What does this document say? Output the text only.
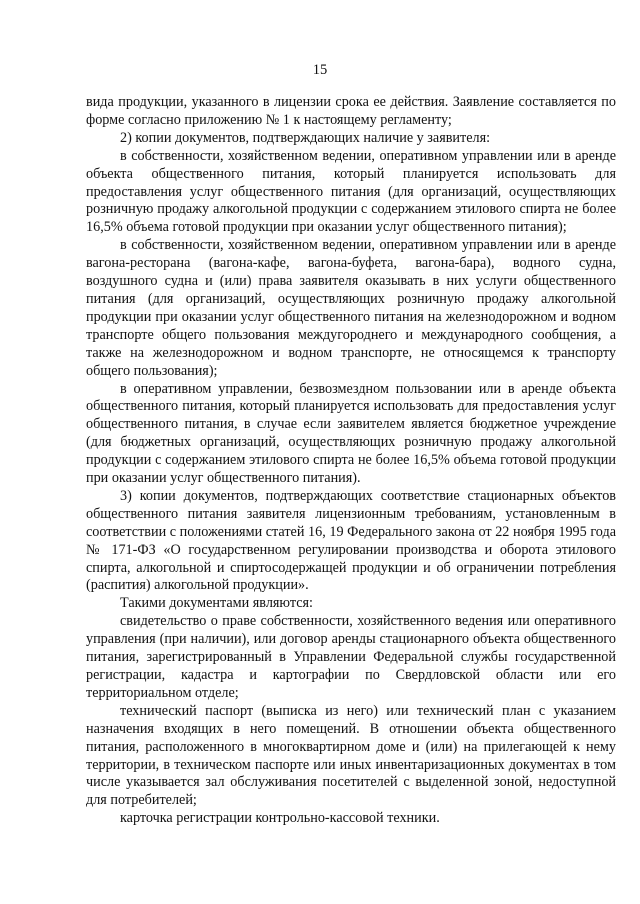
15

вида продукции, указанного в лицензии срока ее действия. Заявление составляется по форме согласно приложению № 1 к настоящему регламенту;

2) копии документов, подтверждающих наличие у заявителя:

в собственности, хозяйственном ведении, оперативном управлении или в аренде объекта общественного питания, который планируется использовать для предоставления услуг общественного питания (для организаций, осуществляющих розничную продажу алкогольной продукции с содержанием этилового спирта не более 16,5% объема готовой продукции при оказании услуг общественного питания);

в собственности, хозяйственном ведении, оперативном управлении или в аренде вагона-ресторана (вагона-кафе, вагона-буфета, вагона-бара), водного судна, воздушного судна и (или) права заявителя оказывать в них услуги общественного питания (для организаций, осуществляющих розничную продажу алкогольной продукции при оказании услуг общественного питания на железнодорожном и водном транспорте общего пользования междугороднего и международного сообщения, а также на железнодорожном и водном транспорте, не относящемся к транспорту общего пользования);

в оперативном управлении, безвозмездном пользовании или в аренде объекта общественного питания, который планируется использовать для предоставления услуг общественного питания, в случае если заявителем является бюджетное учреждение (для бюджетных организаций, осуществляющих розничную продажу алкогольной продукции с содержанием этилового спирта не более 16,5% объема готовой продукции при оказании услуг общественного питания).

3) копии документов, подтверждающих соответствие стационарных объектов общественного питания заявителя лицензионным требованиям, установленным в соответствии с положениями статей 16, 19 Федерального закона от 22 ноября 1995 года № 171-ФЗ «О государственном регулировании производства и оборота этилового спирта, алкогольной и спиртосодержащей продукции и об ограничении потребления (распития) алкогольной продукции».

Такими документами являются:

свидетельство о праве собственности, хозяйственного ведения или оперативного управления (при наличии), или договор аренды стационарного объекта общественного питания, зарегистрированный в Управлении Федеральной службы государственной регистрации, кадастра и картографии по Свердловской области или его территориальном отделе;

технический паспорт (выписка из него) или технический план с указанием назначения входящих в него помещений. В отношении объекта общественного питания, расположенного в многоквартирном доме и (или) на прилегающей к нему территории, в техническом паспорте или иных инвентаризационных документах в том числе указывается зал обслуживания посетителей с выделенной зоной, недоступной для потребителей;

карточка регистрации контрольно-кассовой техники.
